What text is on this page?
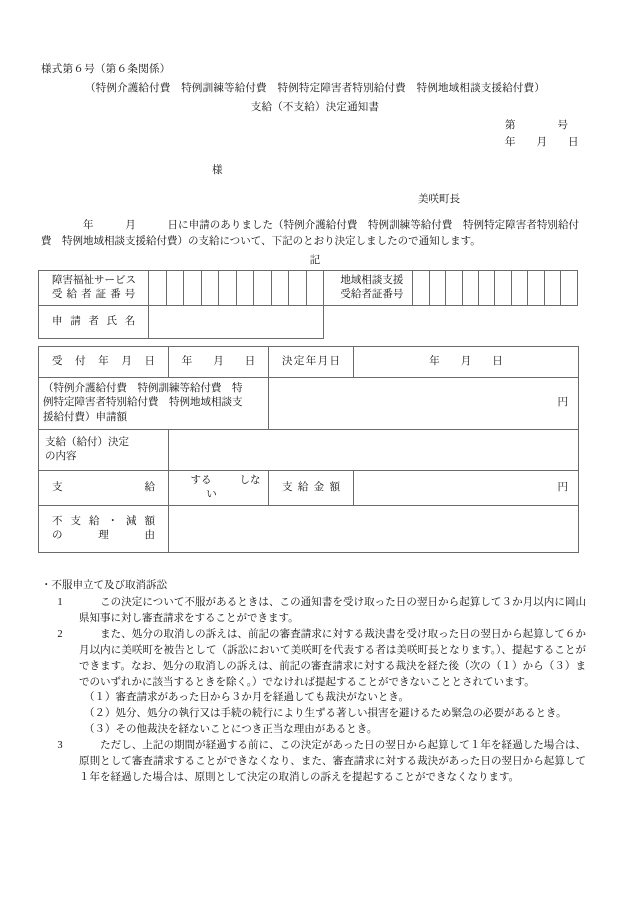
様式第６号（第６条関係）
（特例介護給付費　特例訓練等給付費　特例特定障害者特別給付費　特例地域相談支援給付費）
支給（不支給）決定通知書
第　　　　号
年　　月　　日
様
美咲町長
年　　　月　　　日に申請のありました（特例介護給付費　特例訓練等給付費　特例特定障害者特別給付費　特例地域相談支援給付費）の支給について、下記のとおり決定しましたので通知します。
記
障害福祉サービス
受給者証番号											地域相談支援
受給者証番号										

申請者氏名																					

受付年月日	年　　月　　日	決定年月日	年　　月　　日

（特例介護給付費　特例訓練等給付費　特
例特定障害者特別給付費　特例地域相談支
援給付費）申請額		円	

支給（給付）決定
の内容			

支給	する しない	支給金額	円

不支給・減額
の理由			

・不服申立て及び取消訴訟
1	この決定について不服があるときは、この通知書を受け取った日の翌日から起算して３か月以内に岡山県知事に対し審査請求をすることができます。
2	また、処分の取消しの訴えは、前記の審査請求に対する裁決書を受け取った日の翌日から起算して６か月以内に美咲町を被告として（訴訟において美咲町を代表する者は美咲町長となります。）、提起することができます。なお、処分の取消しの訴えは、前記の審査請求に対する裁決を経た後（次の（１）から（３）までのいずれかに該当するときを除く。）でなければ提起することができないこととされています。
（１）審査請求があった日から３か月を経過しても裁決がないとき。
（２）処分、処分の執行又は手続の続行により生ずる著しい損害を避けるため緊急の必要があるとき。
（３）その他裁決を経ないことにつき正当な理由があるとき。
3	ただし、上記の期間が経過する前に、この決定があった日の翌日から起算して１年を経過した場合は、原則として審査請求することができなくなり、また、審査請求に対する裁決があった日の翌日から起算して１年を経過した場合は、原則として決定の取消しの訴えを提起することができなくなります。
